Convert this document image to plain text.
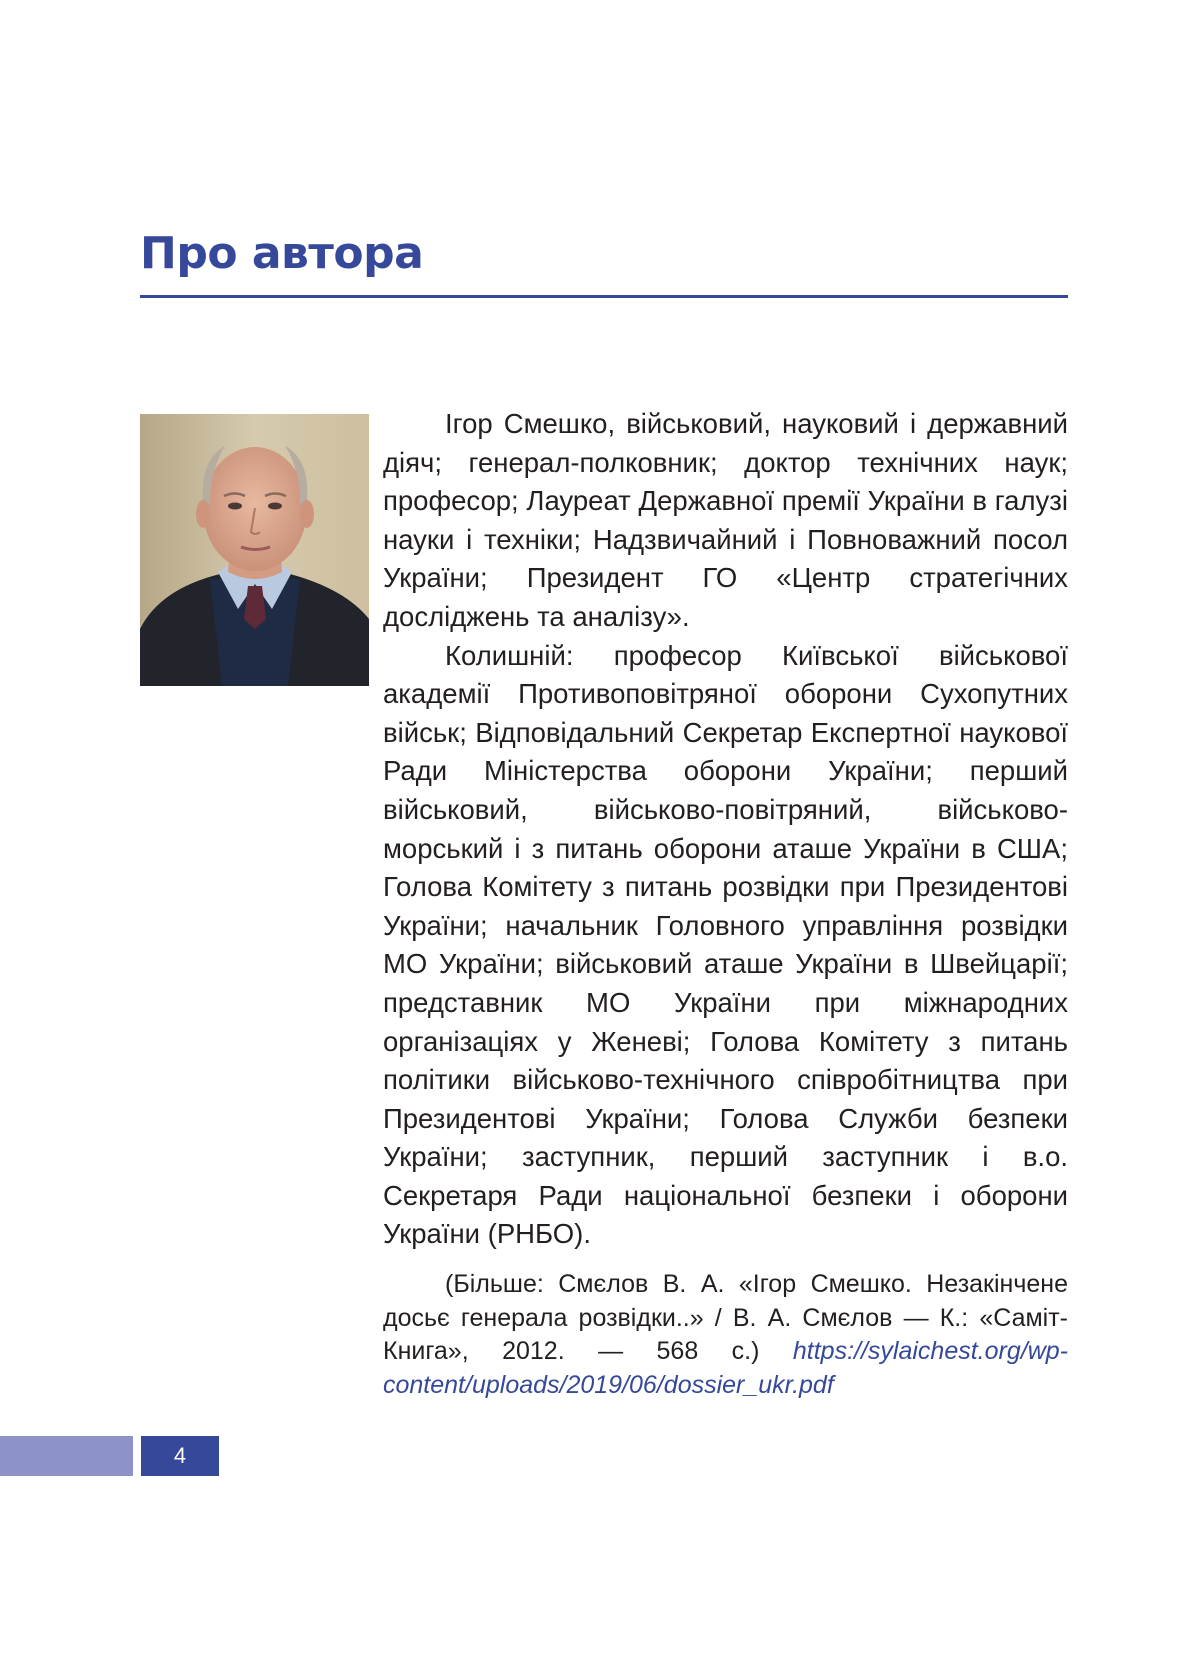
Про автора

Ігор Смешко, військовий, науковий і державний діяч; генерал-полковник; доктор технічних наук; професор; Лауреат Державної премії України в галузі науки і техніки; Надзвичайний і Повноважний посол України; Президент ГО «Центр стратегічних досліджень та аналізу».

Колишній: професор Київської військової академії Противоповітряної оборони Сухопутних військ; Відповідальний Секретар Експертної наукової Ради Міністерства оборони України; перший військовий, військово-повітряний, військово-морський і з питань оборони аташе України в США; Голова Комітету з питань розвідки при Президентові України; начальник Головного управління розвідки МО України; військовий аташе України в Швейцарії; представник МО України при міжнародних організаціях у Женеві; Голова Комітету з питань політики військово-технічного співробітництва при Президентові України; Голова Служби безпеки України; заступник, перший заступник і в.о. Секретаря Ради національної безпеки і оборони України (РНБО).

(Більше: Смєлов В. А. «Ігор Смешко. Незакінчене досьє генерала розвідки..» / В. А. Смєлов — К.: «Саміт-Книга», 2012. — 568 с.) https://sylaichest.org/wp-content/uploads/2019/06/dossier_ukr.pdf
4
